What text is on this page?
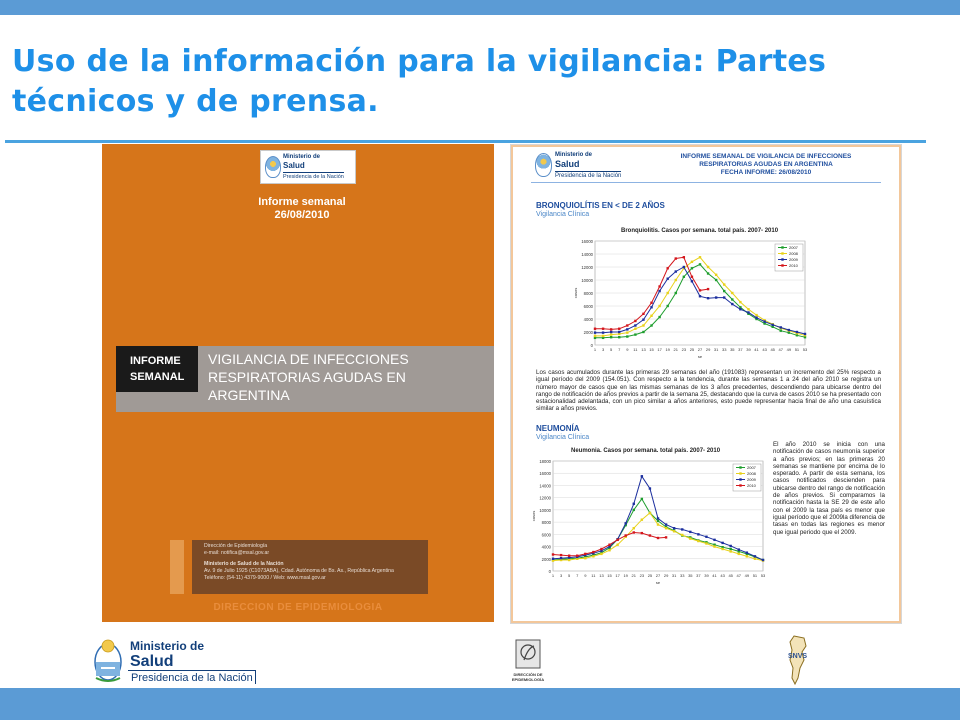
Uso de la información para la vigilancia: Partes técnicos y de prensa.
Ministerio de
Salud
Presidencia de la Nación
Informe semanal
26/08/2010
INFORME
SEMANAL
VIGILANCIA DE INFECCIONES
RESPIRATORIAS AGUDAS EN ARGENTINA
Dirección de Epidemiología
e-mail: notifica@msal.gov.ar
Ministerio de Salud de la Nación
Av. 9 de Julio 1925 (C1073ABA), Cdad. Autónoma de Bs. As., República Argentina
Teléfono: (54-11) 4379-9000 / Web: www.msal.gov.ar
DIRECCION DE EPIDEMIOLOGIA
Ministerio de
Salud
Presidencia de la Nación
INFORME SEMANAL DE VIGILANCIA DE INFECCIONES
RESPIRATORIAS AGUDAS EN ARGENTINA
FECHA INFORME: 26/08/2010
BRONQUIOLÍTIS EN < DE 2 AÑOS
Vigilancia Clínica
Bronquiolitis. Casos por semana. total país. 2007- 2010
0
2000
4000
6000
8000
10000
12000
14000
16000
1 3 5 7 9 11 13 15 17 19 21 23 25 27 29 31 33 35 37 39 41 43 45 47 49 51 53
se
casos
2007
2008
2009
2010
Los casos acumulados durante las primeras 29 semanas del año (191083) representan un incremento del 25% respecto a igual período del 2009 (154.051). Con respecto a la tendencia, durante las semanas 1 a 24 del año 2010 se registra un número mayor de casos que en las mismas semanas de los 3 años precedentes, descendiendo para ubicarse dentro del rango de notificación de años previos a partir de la semana 25, destacando que la curva de casos 2010 se ha presentado con estacionalidad adelantada, con un pico similar a años anteriores, esto puede representar hacia final de año una casuística similar a años previos.
NEUMONÍA
Vigilancia Clínica
Neumonia. Casos por semana. total país. 2007- 2010
0
2000
4000
6000
8000
10000
12000
14000
16000
18000
1 3 5 7 9 11 13 15 17 19 21 23 25 27 29 31 33 35 37 39 41 43 45 47 49 51 53
se
casos
2007
2008
2009
2010
El año 2010 se inicia con una notificación de casos neumonía superior a años previos; en las primeras 20 semanas se mantiene por encima de lo esperado. A partir de esta semana, los casos notificados descienden para ubicarse dentro del rango de notificación de años previos. Si comparamos la notificación hasta la SE 29 de este año con el 2009 la tasa país es menor que igual período que el 2009la diferencia de tasas en todas las regiones es menor que igual periodo que el 2009.
Ministerio de
Salud
Presidencia de la Nación	DIRECCIÓN DE
EPIDEMIOLOGÍA
SNVS
